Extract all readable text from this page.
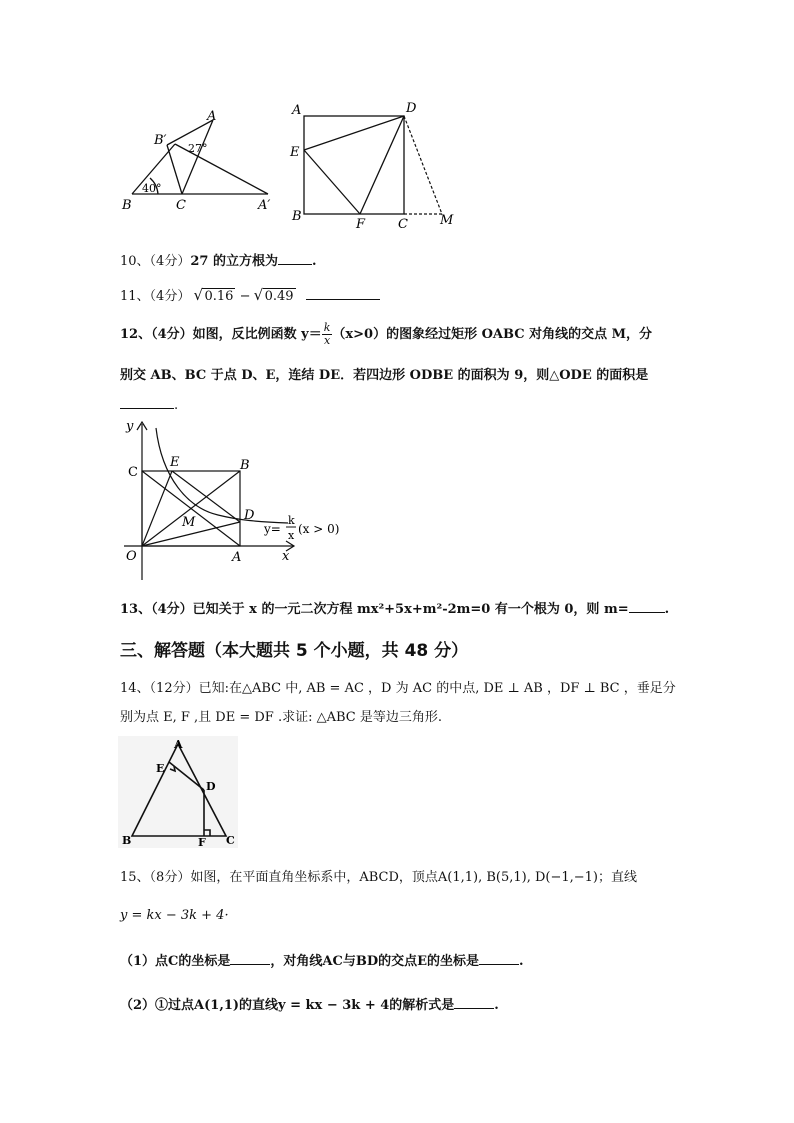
A
B′
B	C	A′
27°
40°
A	D
E
B
F	C M
10、（4分）27 的立方根为	.
11、（4分） √ 0.16 − √ 0.49
12、（4分）如图，反比例函数 $y= \frac{k}{x} (x>0)$的图象经过矩形 OABC 对角线的交点 M，分
别交 AB、BC 于点 D、E，连结 DE．若四边形 ODBE 的面积为 9，则△ODE 的面积是
.
y
C
E	B
M	D
O	A	x
y=
k
x (x > 0)
13、（4分）已知关于 x 的一元二次方程 mx²+5x+m²-2m=0 有一个根为 0，则 m=	.
三、解答题（本大题共 5 个小题，共 48 分）
14、（12分）已知:在△ABC 中, AB = AC ，D 为 AC 的中点, DE ⊥ AB ，DF ⊥ BC ，垂足分
别为点 E, F ,且 DE = DF .求证: △ABC 是等边三角形.
A
E
D
B	F C
15、（8分）如图，在平面直角坐标系中，ABCD，顶点A(1,1), B(5,1), D(−1,−1)；直线
y = kx − 3k + 4·
（1）点C的坐标是	，对角线AC与BD的交点E的坐标是	.
（2）①过点A(1,1)的直线y = kx − 3k + 4的解析式是	.
